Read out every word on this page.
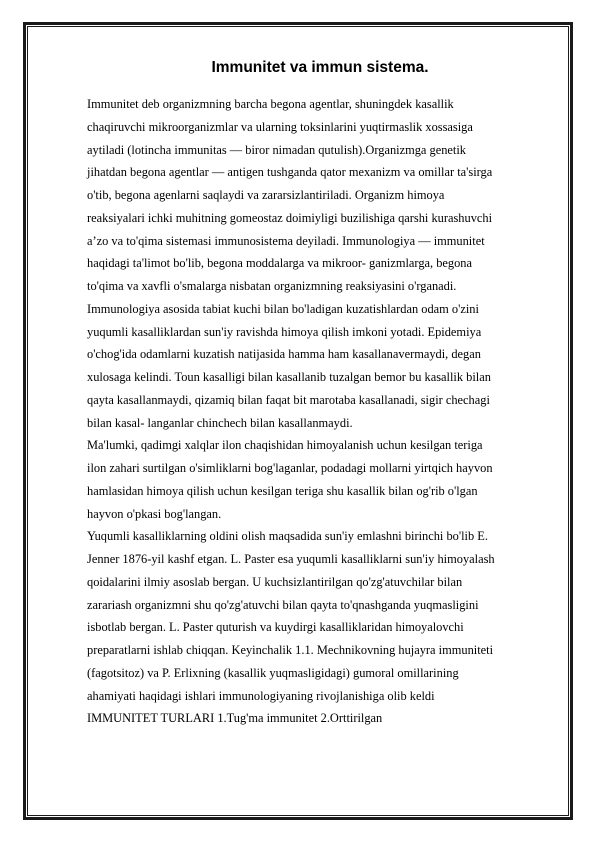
Immunitet va immun sistema.
Immunitet deb organizmning barcha begona agentlar, shuningdek kasallik
chaqiruvchi mikroorganizmlar va ularning toksinlarini yuqtirmaslik xossasiga
aytiladi (lotincha immunitas — biror nimadan qutulish).Organizmga genetik
jihatdan begona agentlar — antigen tushganda qator mexanizm va omillar ta'sirga
o'tib, begona agenlarni saqlaydi va zararsizlantiriladi. Organizm himoya
reaksiyalari ichki muhitning gomeostaz doimiyligi buzilishiga qarshi kurashuvchi
a’zo va to'qima sistemasi immunosistema deyiladi. Immunologiya — immunitet
haqidagi ta'limot bo'lib, begona moddalarga va mikroor- ganizmlarga, begona
to'qima va xavfli o'smalarga nisbatan organizmning reaksiyasini o'rganadi.
Immunologiya asosida tabiat kuchi bilan bo'ladigan kuzatishlardan odam o'zini
yuqumli kasalliklardan sun'iy ravishda himoya qilish imkoni yotadi. Epidemiya
o'chog'ida odamlarni kuzatish natijasida hamma ham kasallanavermaydi, degan
xulosaga kelindi. Toun kasalligi bilan kasallanib tuzalgan bemor bu kasallik bilan
qayta kasallanmaydi, qizamiq bilan faqat bit marotaba kasallanadi, sigir chechagi
bilan kasal- langanlar chinchech bilan kasallanmaydi.
Ma'lumki, qadimgi xalqlar ilon chaqishidan himoyalanish uchun kesilgan teriga
ilon zahari surtilgan o'simliklarni bog'laganlar, podadagi mollarni yirtqich hayvon
hamlasidan himoya qilish uchun kesilgan teriga shu kasallik bilan og'rib o'lgan
hayvon o'pkasi bog'langan.
Yuqumli kasalliklarning oldini olish maqsadida sun'iy emlashni birinchi bo'lib E.
Jenner 1876-yil kashf etgan. L. Paster esa yuqumli kasalliklarni sun'iy himoyalash
qoidalarini ilmiy asoslab bergan. U kuchsizlantirilgan qo'zg'atuvchilar bilan
zarariash organizmni shu qo'zg'atuvchi bilan qayta to'qnashganda yuqmasligini
isbotlab bergan. L. Paster quturish va kuydirgi kasalliklaridan himoyalovchi
preparatlarni ishlab chiqqan. Keyinchalik 1.1. Mechnikovning hujayra immuniteti
(fagotsitoz) va P. Erlixning (kasallik yuqmasligidagi) gumoral omillarining
ahamiyati haqidagi ishlari immunologiyaning rivojlanishiga olib keldi
IMMUNITET TURLARI 1.Tug'ma immunitet 2.Orttirilgan
